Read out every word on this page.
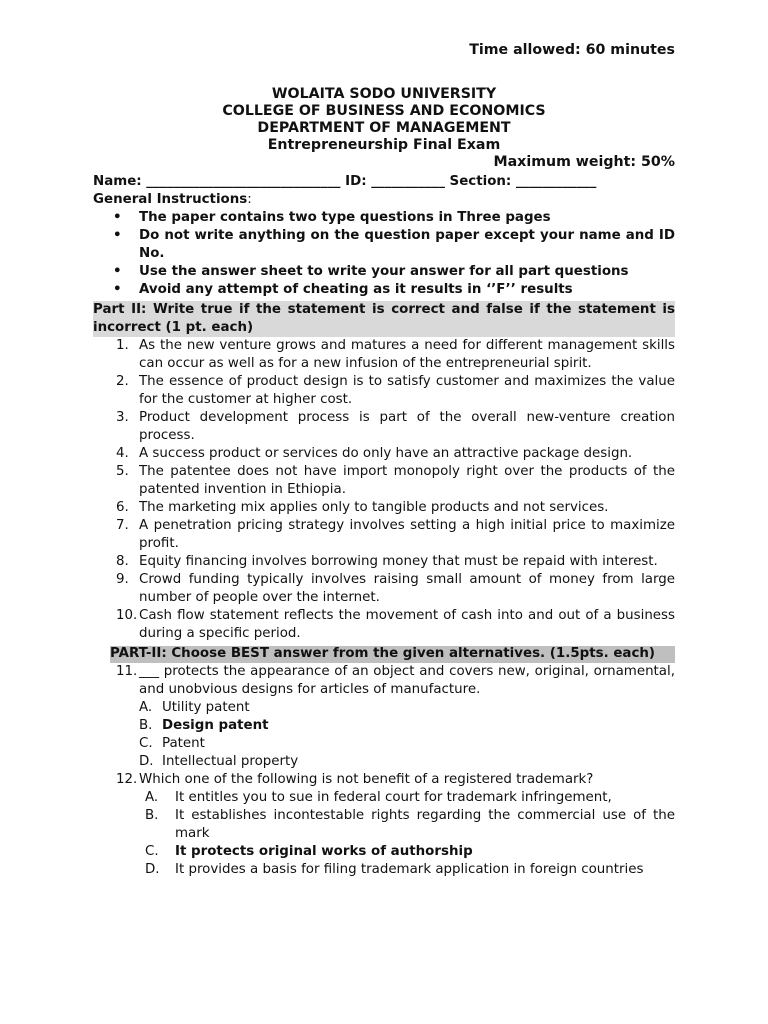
Time allowed: 60 minutes
WOLAITA SODO UNIVERSITY
COLLEGE OF BUSINESS AND ECONOMICS
DEPARTMENT OF MANAGEMENT
Entrepreneurship Final Exam
Maximum weight: 50%
Name: _____________________________ ID: ___________ Section: ____________
General Instructions:
• The paper contains two type questions in Three pages
• Do not write anything on the question paper except your name and ID No.
• Use the answer sheet to write your answer for all part questions
• Avoid any attempt of cheating as it results in ‘’F’’ results
Part II: Write true if the statement is correct and false if the statement is incorrect (1 pt. each)
1. As the new venture grows and matures a need for different management skills can occur as well as for a new infusion of the entrepreneurial spirit.
2. The essence of product design is to satisfy customer and maximizes the value for the customer at higher cost.
3. Product development process is part of the overall new-venture creation process.
4. A success product or services do only have an attractive package design.
5. The patentee does not have import monopoly right over the products of the patented invention in Ethiopia.
6. The marketing mix applies only to tangible products and not services.
7. A penetration pricing strategy involves setting a high initial price to maximize profit.
8. Equity financing involves borrowing money that must be repaid with interest.
9. Crowd funding typically involves raising small amount of money from large number of people over the internet.
10. Cash flow statement reflects the movement of cash into and out of a business during a specific period.
PART-II: Choose BEST answer from the given alternatives. (1.5pts. each)
11. ___ protects the appearance of an object and covers new, original, ornamental, and unobvious designs for articles of manufacture.
A. Utility patent
B. Design patent
C. Patent
D. Intellectual property
12. Which one of the following is not benefit of a registered trademark?
A. It entitles you to sue in federal court for trademark infringement,
B. It establishes incontestable rights regarding the commercial use of the mark
C. It protects original works of authorship
D. It provides a basis for filing trademark application in foreign countries
